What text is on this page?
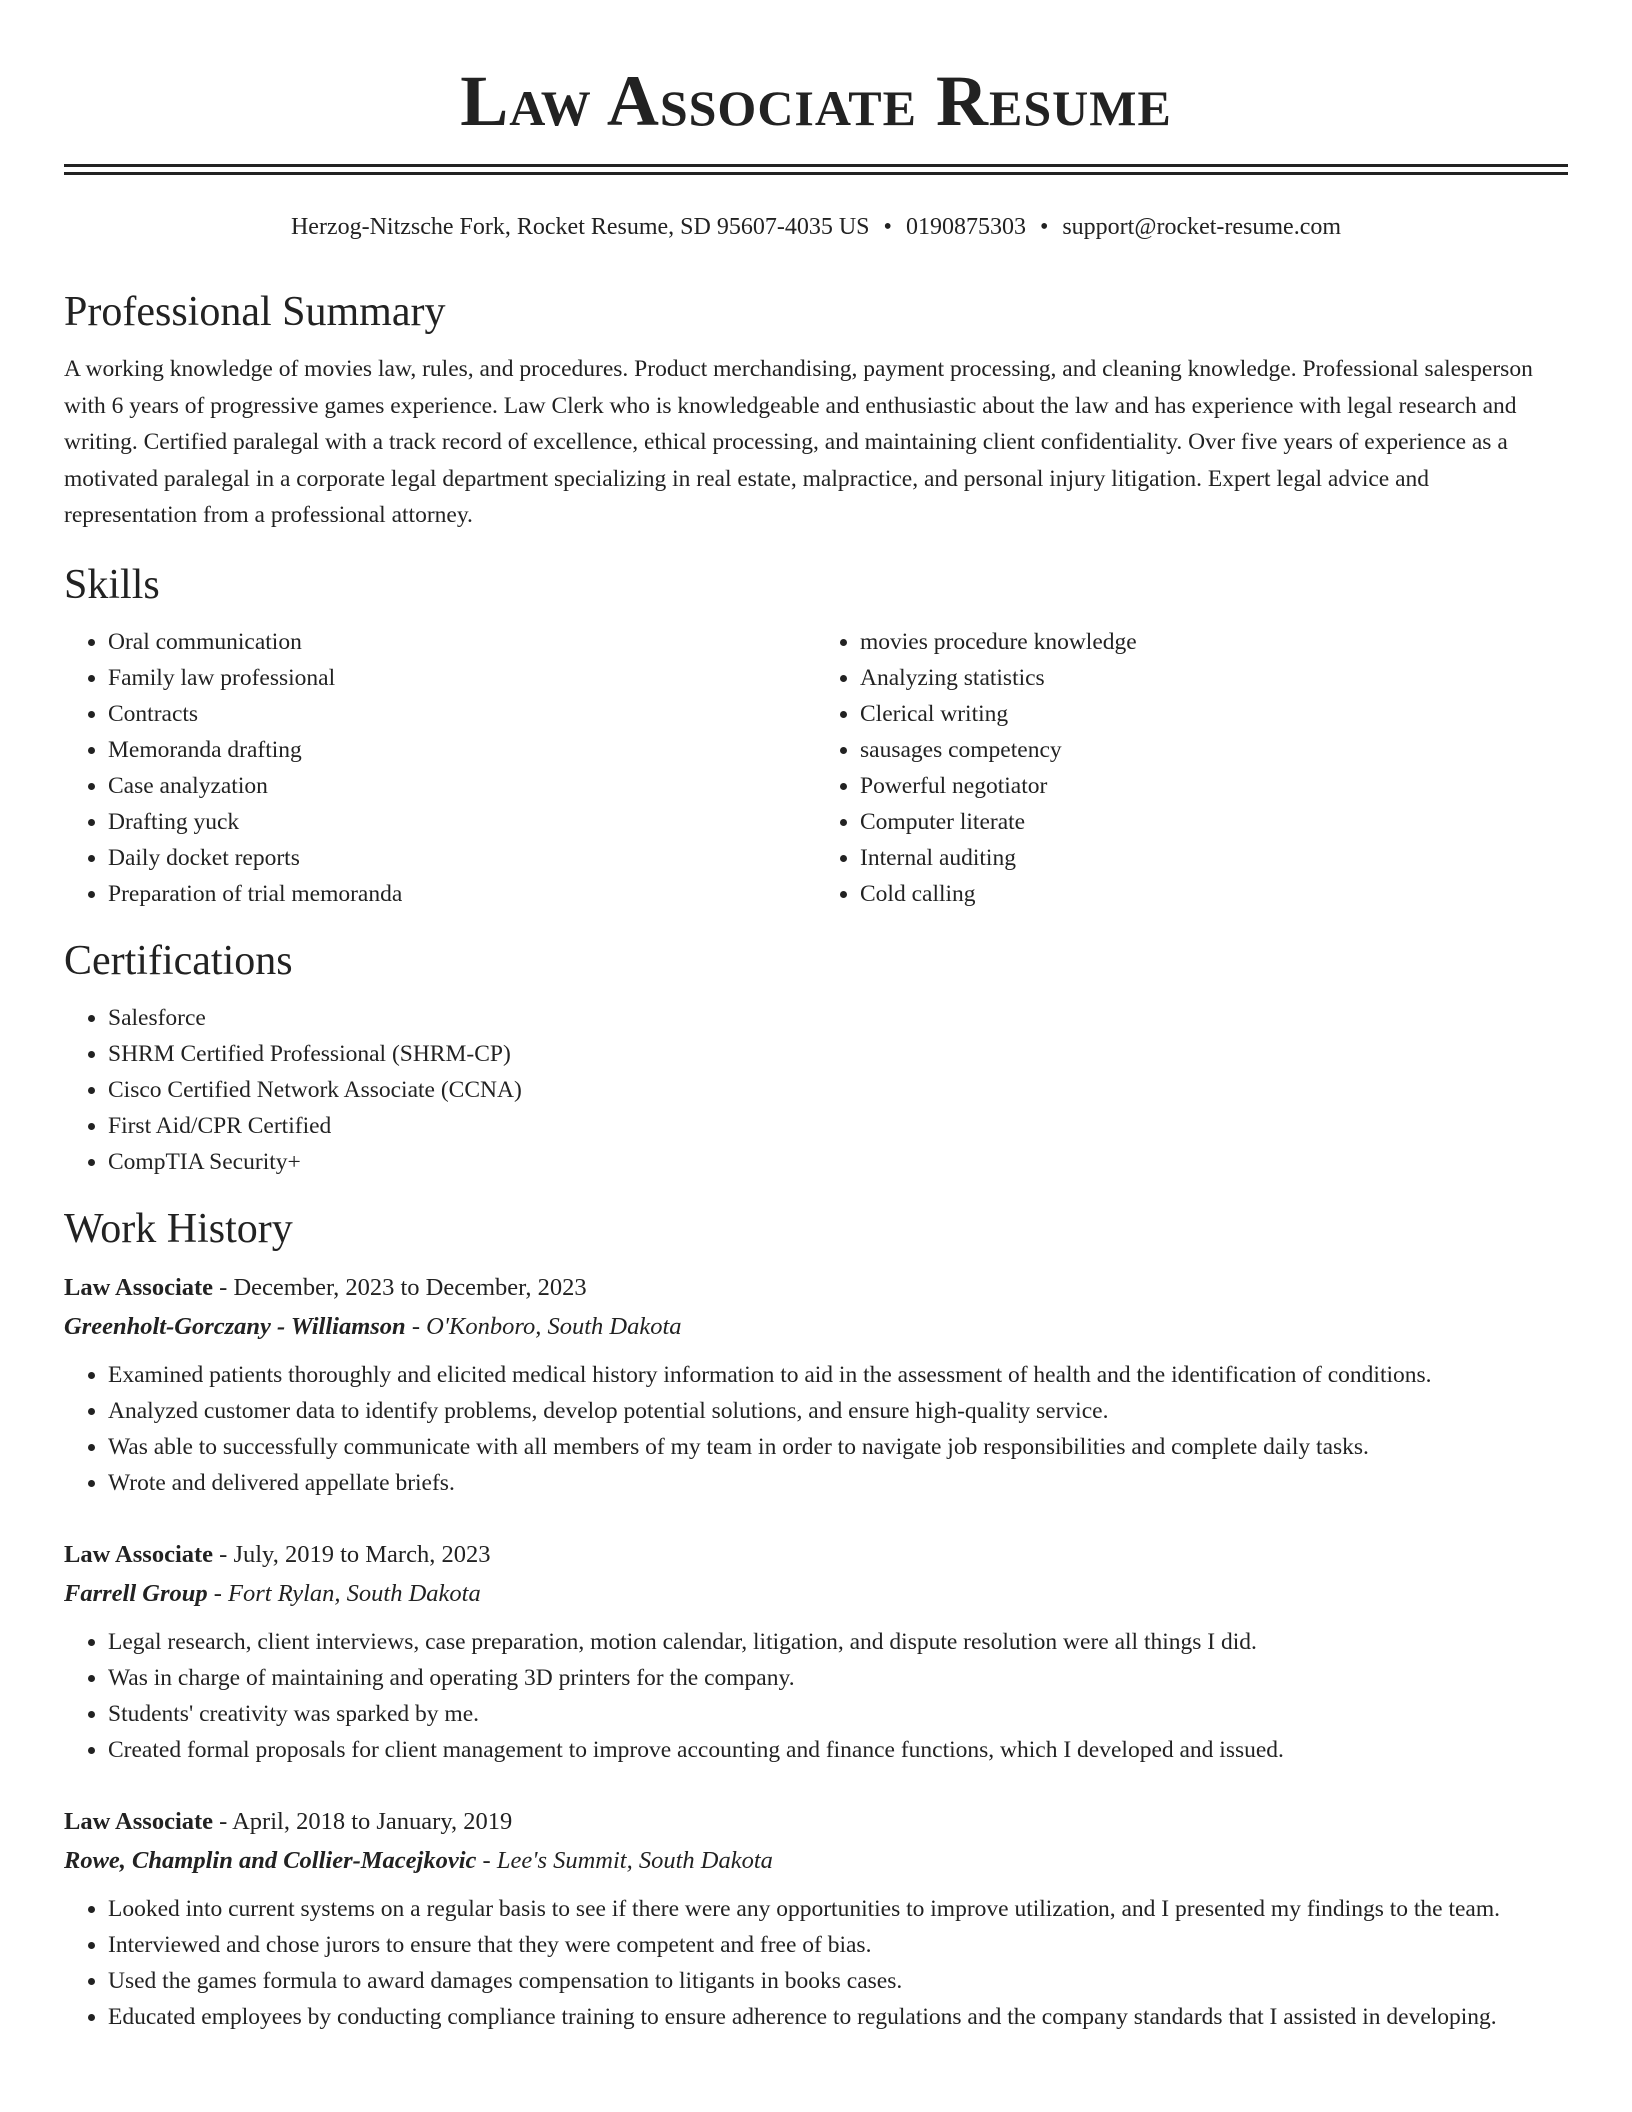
Law Associate Resume
Herzog-Nitzsche Fork, Rocket Resume, SD 95607-4035 US • 0190875303 • support@rocket-resume.com
Professional Summary

A working knowledge of movies law, rules, and procedures. Product merchandising, payment processing, and cleaning knowledge. Professional salesperson with 6 years of progressive games experience. Law Clerk who is knowledgeable and enthusiastic about the law and has experience with legal research and writing. Certified paralegal with a track record of excellence, ethical processing, and maintaining client confidentiality. Over five years of experience as a motivated paralegal in a corporate legal department specializing in real estate, malpractice, and personal injury litigation. Expert legal advice and representation from a professional attorney.

Skills
• Oral communication
• Family law professional
• Contracts
• Memoranda drafting
• Case analyzation
• Drafting yuck
• Daily docket reports
• Preparation of trial memoranda
• movies procedure knowledge
• Analyzing statistics
• Clerical writing
• sausages competency
• Powerful negotiator
• Computer literate
• Internal auditing
• Cold calling
Certifications
• Salesforce
• SHRM Certified Professional (SHRM-CP)
• Cisco Certified Network Associate (CCNA)
• First Aid/CPR Certified
• CompTIA Security+
Work History
Law Associate - December, 2023 to December, 2023
Greenholt-Gorczany - Williamson - O'Konboro, South Dakota
• Examined patients thoroughly and elicited medical history information to aid in the assessment of health and the identification of conditions.
• Analyzed customer data to identify problems, develop potential solutions, and ensure high-quality service.
• Was able to successfully communicate with all members of my team in order to navigate job responsibilities and complete daily tasks.
• Wrote and delivered appellate briefs.
Law Associate - July, 2019 to March, 2023
Farrell Group - Fort Rylan, South Dakota
• Legal research, client interviews, case preparation, motion calendar, litigation, and dispute resolution were all things I did.
• Was in charge of maintaining and operating 3D printers for the company.
• Students' creativity was sparked by me.
• Created formal proposals for client management to improve accounting and finance functions, which I developed and issued.
Law Associate - April, 2018 to January, 2019
Rowe, Champlin and Collier-Macejkovic - Lee's Summit, South Dakota
• Looked into current systems on a regular basis to see if there were any opportunities to improve utilization, and I presented my findings to the team.
• Interviewed and chose jurors to ensure that they were competent and free of bias.
• Used the games formula to award damages compensation to litigants in books cases.
• Educated employees by conducting compliance training to ensure adherence to regulations and the company standards that I assisted in developing.
